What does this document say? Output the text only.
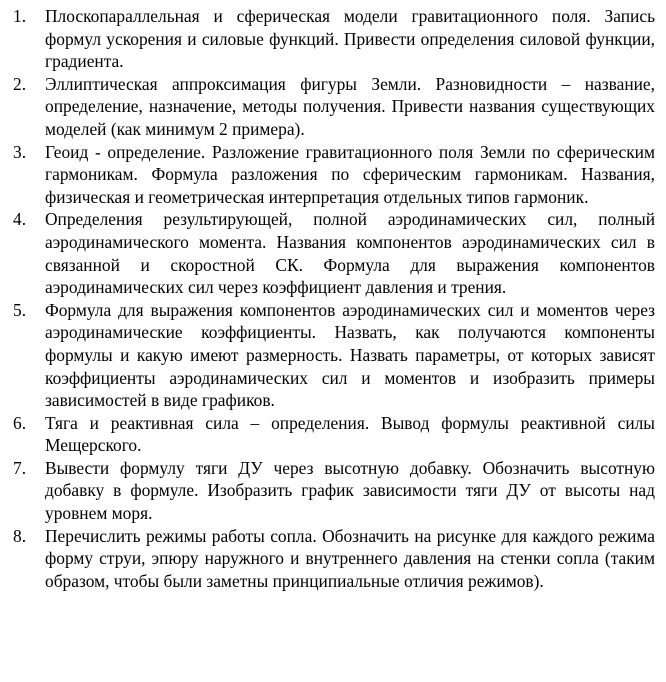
1.	Плоскопараллельная и сферическая модели гравитационного поля. Запись формул ускорения и силовые функций. Привести определения силовой функции, градиента.
2.	Эллиптическая аппроксимация фигуры Земли. Разновидности – название, определение, назначение, методы получения. Привести названия существующих моделей (как минимум 2 примера).
3.	Геоид - определение. Разложение гравитационного поля Земли по сферическим гармоникам. Формула разложения по сферическим гармоникам. Названия, физическая и геометрическая интерпретация отдельных типов гармоник.
4.	Определения результирующей, полной аэродинамических сил, полный аэродинамического момента. Названия компонентов аэродинамических сил в связанной и скоростной СК. Формула для выражения компонентов аэродинамических сил через коэффициент давления и трения.
5.	Формула для выражения компонентов аэродинамических сил и моментов через аэродинамические коэффициенты. Назвать, как получаются компоненты формулы и какую имеют размерность. Назвать параметры, от которых зависят коэффициенты аэродинамических сил и моментов и изобразить примеры зависимостей в виде графиков.
6.	Тяга и реактивная сила – определения. Вывод формулы реактивной силы Мещерского.
7.	Вывести формулу тяги ДУ через высотную добавку. Обозначить высотную добавку в формуле. Изобразить график зависимости тяги ДУ от высоты над уровнем моря.
8.	Перечислить режимы работы сопла. Обозначить на рисунке для каждого режима форму струи, эпюру наружного и внутреннего давления на стенки сопла (таким образом, чтобы были заметны принципиальные отличия режимов).
